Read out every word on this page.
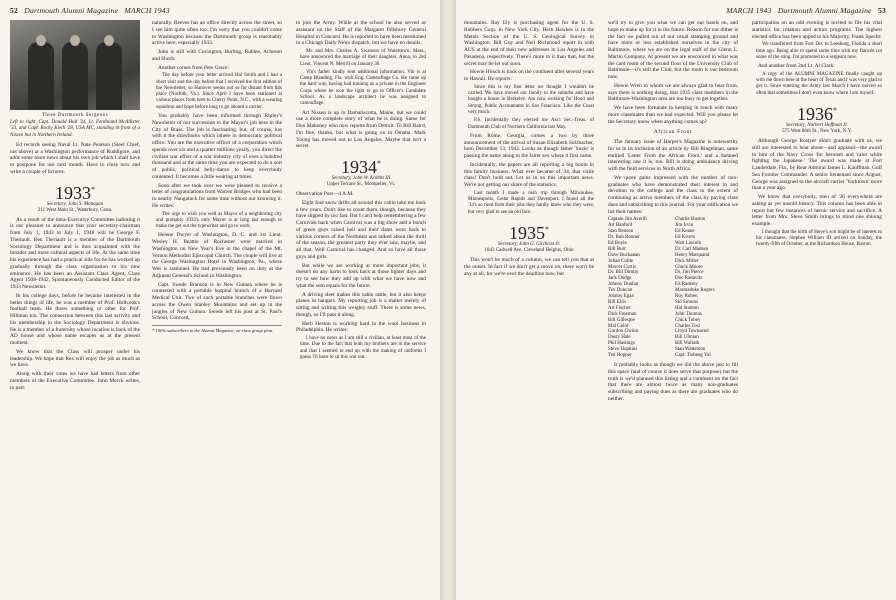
52 Dartmouth Alumni Magazine MARCH 1943
Three Dartmouth Surgeons
Left to right, Capt. Donald Hull '24, Lt. Ferdinand McAllister '33, and Capt. Rocky Kieth '28, USA MC, standing in front of a Nissen hut in Northern Ireland.

Ed records seeing Naval Lt. Nate Pearson (Steel Chief, not above) at a Washington performance of Ruddigore, and adds some more news about his own job which I shall have to postpone for use next month. Have to close now and write a couple of lictures.

1933*
Secretary, John S. Monagan
211 West Main St., Waterbury, Conn.

As a result of the intra-Executive Committee balloting it is our pleasure to announce that your secretary-chairman from July 1, 1943 to July 1, 1948 will be George F. Theriault. Ben Theriault is a member of the Dartmouth Sociology Department and is thus acquainted with the broader and more cultural aspects of life. At the same time his experience has had a practical side for he has worked up gradually through the class organization to his new eminence. He has been an Assistant Class Agent, Class Agent 1938-1942, Spontaneously Conducted Editor of the 1933 Newsletter.

In his college days, before he became interested in the better things of life, he was a member of Prof. Hollcook's football team. He threw something or other for Prof. Hillman too. The connection between this last activity and his membership in the Sociology Department is obvious. He is a member of a fraternity whose location is back of the AD house and whose name escapes us at the present moment.

We know that the Class will prosper under his leadership. We hope that Rex will enjoy the job as much as we have.

Along with their votes we have had letters from other members of the Executive Committee. John Merck writes, in part:

naturally. Reeves has an office directly across the street, so I see him quite often too. I'm sorry that you couldn't come to Washington because the Dartmouth group is reasonably active here, especially 1933.

John is still with Covington, Burling, Rublee, Acheson and Shorb.

Another comes from Pete Grace:

The day before your letter arrived Hal Smith and I had a short visit and the day before that I received the first edition of the Newsletter, so Hanover seems not so far distant from this place (Norfolk, Va.). Since April I have been stationed at various places from here to Cherry Point, N.C., with a wearing squadron and hope before long to go aboard a carrier.

You probably have been informed through Ripley's Newsletter of our succession to the Mayor's job here in the City of Brass. The job is fascinating, but, of course, has with it the drawbacks which inhere in democratic political office. You are the executive officer of a corporation which spends over six and a quarter millions yearly, you direct the civilian war effort of a war industry city of over a hundred thousand and at the same time you are expected to do a sort of public, political belly-dance to keep everybody contented. It becomes a little wearing at times.

Soon after we took over we were pleased to receive a letter of congratulations from Warren Bridges who had been in nearby Naugatuck for some time without our knowing it. He writes:

The urge to wish you well as Mayor of a neighboring city and probably 1933's only Mayor is at long last enough to make me get out the typewriter and go to work.

Helene Dwyer of Washington, D. C. and 1st Lieut. Wesley H. Beattie of Rochester were married in Washington on New Year's Eve in the chapel of the Mt. Vernon Methodist Episcopal Church. The couple will live at the George Washington Hotel in Washington, Pa., where Wes is stationed. He had previously been on duty at the Adjutant General's School in Washington.

Capt. Swede Branson is in New Guinea where he is connected with a portable hospital branch of a Harvard Medical Unit. Two of such portable branches were flown across the Owen Stanley Mountains and set up in the jungles of New Guinea. Swede left his post at St. Paul's School, Concord,

* 100% subscribers to the Alumni Magazine, on class group plan.

to join the Army. While at the school he also served as assistant on the Staff of the Margaret Pillsbury General Hospital in Concord. He is reported to have been mentioned in a Chicago Daily News dispatch, but we have no details.

Mr. and Mrs. Charles A. Swanson of Watertown, Mass., have announced the marriage of their daughter, Anna, to 2nd Lieut. Vincent N. Merrill on January 30.

Vin's father kindly sent additional information. Vin is at Camp Blanding, Fla. with Eng. Camouflage Co. He came up the hard way, having had training as a private in the Engineer Corps where he won the right to go to Officer's Candidate School. As a landscape architect he was assigned to camouflage.

Art Nissen is up in Damariscotta, Maine, but we could use a more complete story of what he is doing. Same for Don Mahoney who now reports from Detroit. To Bill Baird, I'm fine, thanks, but what is going on in Omaha. Mark Young has moved out to Los Angeles. Maybe that isn't a secret.

1934*
Secretary, John W. Knibbs III
Upper Terrace St., Montpelier, Vt.

Observation Post—4 A.M.

Eight foot snow drifts all around this cabin take me back a few years. Don't like to count them, though, because they have slipped by too fast. But I can't help remembering a few Carnivals back when Carnival was a big show and a bunch of green guys raised hell and their dates went back to various corners of the Northeast and talked about the thrill of the season, the greatest party they ever saw, maybe, and all that. Well Carnival has changed. And so have all those guys and girls.

But while we are working at more important jobs, it doesn't do any harm to look back at those lighter days and try to see how they add up with what we have now and what the sum equals for the future.

A driving sleet makes this cabin rattle, but it also keeps planes in hangars. My reporting job is a matter merely of sitting and writing this weighty stuff. There is some news, though, so I'll pass it along.

Herb Heston is working hard in the wool business in Philadelphia. He writes:

I have no news as I am still a civilian, at least most of the time. Due to the fact that both my brothers are in the service and that I seemed to end up with the making of uniforms I guess I'll have to sit this war out.

MARCH 1943 Dartmouth Alumni Magazine 53

mountains. Ray Ely is purchasing agent for the U. S. Rubbers Corp. in New York City. Herb Hawkes is in the Metals Section of the U. S. Geological Survey in Washington. Bill Guy and Neil Richmond report in with AUS at the end of their new addresses in Los Angeles and Pasadena, respectively. There's more to it than that, but the secret may be let out soon.

Howie Hirsch is back on the continent after several years in Hawaii. He reports:

Since this is my first letter we thought I wouldn't be carried. We have moved our family to the suburbs and have bought a house in Berkeley. Am now working for Hood and Strong, Public Accountants in San Francisco. Like the Coast very much.

P.S. Incidentally they elected me Ass't Sec.-Treas. of Dartmouth Club of Northern California last May.

From Rome, Georgia, comes a two by three announcement of the arrival of Susan Elizabeth Sulzbacher, born December 13, 1942. Looks as though father 'Suzie' is passing the name along to the fairer sex where it first came.

Incidentally, the papers are all reporting a big boom in this family business. What ever became of '34, that virile class! Don't hold out. Let us in on this important news. We're not getting our share of the statistics.

Last month I made a rush trip through Milwaukee, Minneapolis, Cedar Rapids and Davenport. I found all the '34's so tired from their jobs they hardly knew who they were, but very glad to see an old face.

1935*
Secretary, John G. Gilchrist Jr.
1843 Cadwell Ave. Cleveland Heights, Ohio

This won't be much of a column, we can tell you that at the outset. In fact if we don't get a move on, there won't be any at all, for we're over the deadline now, but

we'll try to give you what we can get our hands on, and hope to make up for it in the future. Reason for our dither is the fact we pulled out of our usual stamping ground and have more or less established ourselves in the city of Baltimore, where we are on the legal staff of the Glenn L. Martin Company. At present we are ensconced in what was the card room of the second floor of the University Club of Baltimore—it's still the Club, but the room is our bedroom now.

Howie Wren to whom we are always glad to hear from, says there is nothing doing, that 1935 class members in the Baltimore-Washington area are too busy to get together.

We have been fortunate in keeping in touch with many more classmates than we had expected. Will you please let the Secretary know when anything comes up?

African Front

The January issue of Harper's Magazine is noteworthy for us in its inclusion of an article by Bill Ringelman, same entitled 'Letter From the African Front,' and a damned interesting one it is, too. Bill is doing ambulance driving with the field services in North Africa.

We quote gains impressed with the number of non-graduates who have demonstrated their interest in and devotion to the college and the class to the extent of continuing as active members of the class by paying class dues and subscribing to this journal. For your edification we list their names:

Captain Jim Averill
Art Banford
Stan Benson
Dr. Bob Bonner
Ed Boyle
Bill Burr
Dave Buchanan
Julian Coble
Mercer Curtis
Dr. Bill Dimity
Jack Dodge
Johnny Dunbar
Tex Duncan
Johnny Egan
Bill Ellis
Art Fischer
Dick Freeman
Bill Gillespie
Mal Gelof
Gordon Gwinn
Dusty Hale
Phil Hastings
Steve Hopkins
Ted Hopper
Charlie Huston
Jim Irvin
Ed Keane
Ed Kivers
Walt Lincoln
Dr. Carl Madsen
Henry Marquand
Dick Miller
Chuck Moore
Dr. Jim Pierce
Doc Radavitz
Ed Ramsey
Marmaduke Rogers
Roy Ruben
Sid Simons
Hal Stanton
John Thomas
Chick Tobey
Charles Tosi
Lloyd Townsend
Bill Ullman
Bill Walrath
Stan Watterson
Capt. Tisheng Yui

It probably looks as though we did the above just to fill this space (and of course it does serve that purpose) but the truth is we'd planned this listing and a comment on the fact that there are almost twice as many non-graduates subscribing and paying dues as there are graduates who do neither.

participation on an odd evening is invited to file his vital statistics for rotation and action programs. The highest elected office has been upped to his Majority, Frank Specht:

We transferred from Fort Dix to Leesburg, Florida a short time ago. Being able to spend some time with my fiancée cut some of the sting. I'm promoted to a sergeant now.

And another from 2nd Lt. Al Clark:

A copy of the ALUMNI MAGAZINE finally caught up with me down here at the heart of Texas and I was very glad to get it. Since entering the Army last March I have moved so often that sometimes I don't even know where I am myself.

1936*
Secretary, Norbert Hoffman Jr.
575 West 86th St., New York, N.Y.

Although George Rostyer didn't graduate with us, we still are interested to hear about—and applaud—the award to him of the Navy Cross 'for heroism and valor while fighting the Japanese.' The award was made at Fort Lauderdale, Fla., by Rear Admiral James L. Kauffman, Gulf Sea Frontier Commander. A senior lieutenant since August, George was assigned to the aircraft carrier 'Yorktown' more than a year ago.

We know that everybody, men of '36 everywhere are asking as yet unsold history. This column has been able to report but few instances of heroic service and sacrifice. A letter from Mrs. Steve Smith brings to mind one shining example.

I thought that the birth of Steve's son might be of interest to his classmates. Stephen William III arrived on Sunday, the twenty-fifth of October, at the Richardson House, Boston.
